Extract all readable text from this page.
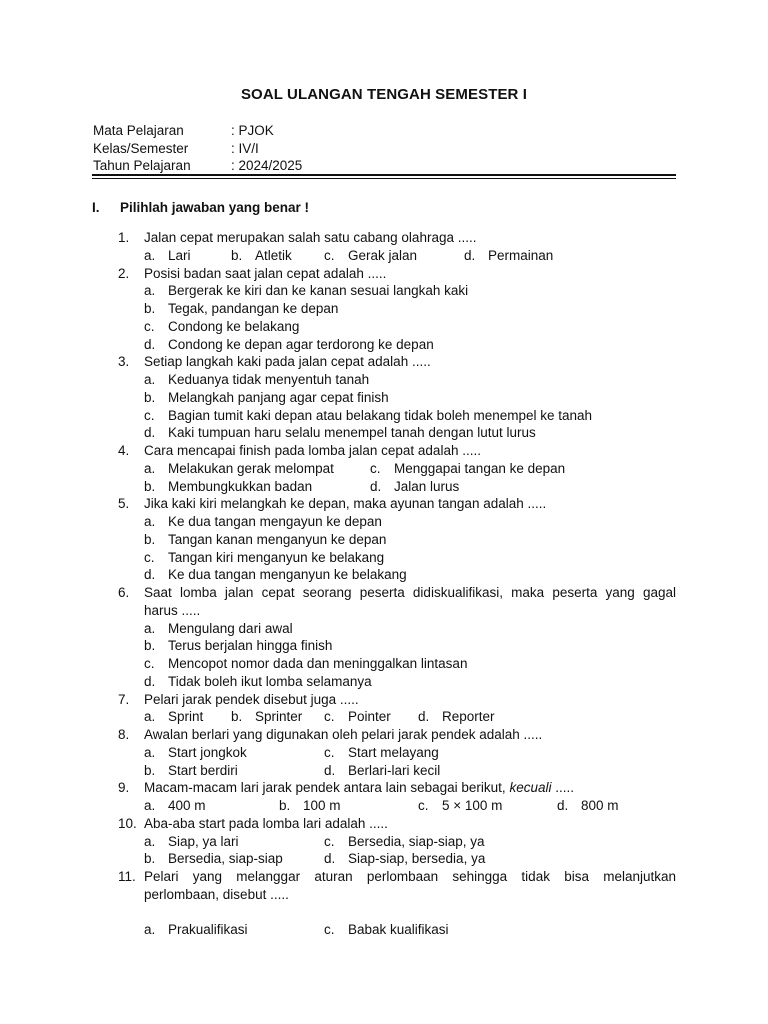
SOAL ULANGAN TENGAH SEMESTER I
Mata Pelajaran	: PJOK
Kelas/Semester	: IV/I
Tahun Pelajaran	: 2024/2025
I. Pilihlah jawaban yang benar !
1. Jalan cepat merupakan salah satu cabang olahraga .....
a. Lari	b. Atletik c. Gerak jalan	d. Permainan
2. Posisi badan saat jalan cepat adalah .....
a. Bergerak ke kiri dan ke kanan sesuai langkah kaki
b. Tegak, pandangan ke depan
c. Condong ke belakang
d. Condong ke depan agar terdorong ke depan
3. Setiap langkah kaki pada jalan cepat adalah .....
a. Keduanya tidak menyentuh tanah
b. Melangkah panjang agar cepat finish
c. Bagian tumit kaki depan atau belakang tidak boleh menempel ke tanah
d. Kaki tumpuan haru selalu menempel tanah dengan lutut lurus
4. Cara mencapai finish pada lomba jalan cepat adalah .....
a. Melakukan gerak melompat	c. Menggapai tangan ke depan
b. Membungkukkan badan	d. Jalan lurus
5. Jika kaki kiri melangkah ke depan, maka ayunan tangan adalah .....
a. Ke dua tangan mengayun ke depan
b. Tangan kanan menganyun ke depan
c. Tangan kiri menganyun ke belakang
d. Ke dua tangan menganyun ke belakang
6. Saat lomba jalan cepat seorang peserta didiskualifikasi, maka peserta yang gagal
harus .....
a. Mengulang dari awal
b. Terus berjalan hingga finish
c. Mencopot nomor dada dan meninggalkan lintasan
d. Tidak boleh ikut lomba selamanya
7. Pelari jarak pendek disebut juga .....
a. Sprint b. Sprinter c. Pointer d. Reporter
8. Awalan berlari yang digunakan oleh pelari jarak pendek adalah .....
a. Start jongkok	c. Start melayang
b. Start berdiri	d. Berlari-lari kecil
9. Macam-macam lari jarak pendek antara lain sebagai berikut, kecuali .....
a. 400 m	b. 100 m	c. 5 × 100 m	d. 800 m
10. Aba-aba start pada lomba lari adalah .....
a. Siap, ya lari	c. Bersedia, siap-siap, ya
b. Bersedia, siap-siap	d. Siap-siap, bersedia, ya
11. Pelari yang melanggar aturan perlombaan sehingga tidak bisa melanjutkan
perlombaan, disebut .....
a. Prakualifikasi	c. Babak kualifikasi
